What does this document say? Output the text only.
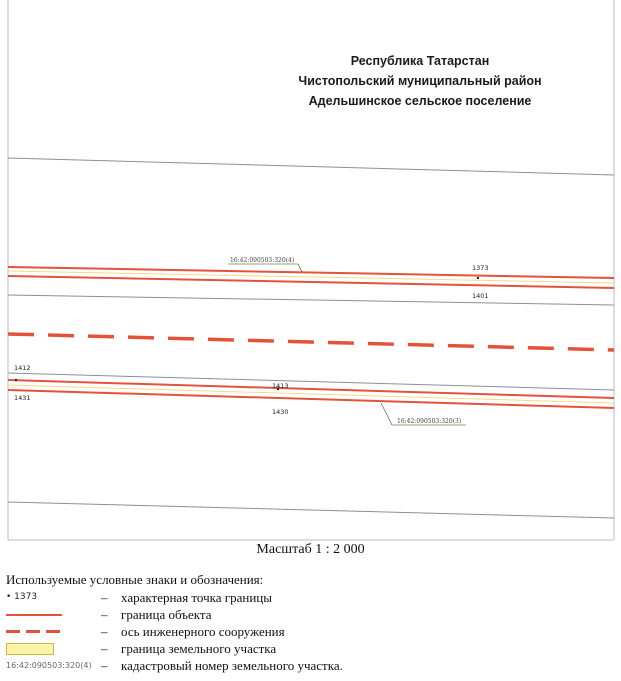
1373
1401
1412
1431
1413
1430
16:42:090503:320(4)
16:42:090503:320(3)
Республика Татарстан
Чистопольский муниципальный район
Адельшинское сельское поселение
Масштаб 1 : 2 000
Используемые условные знаки и обозначения:
• 1373	– характерная точка границы
– граница объекта
– ось инженерного сооружения
– граница земельного участка
16:42:090503:320(4) – кадастровый номер земельного участка.
